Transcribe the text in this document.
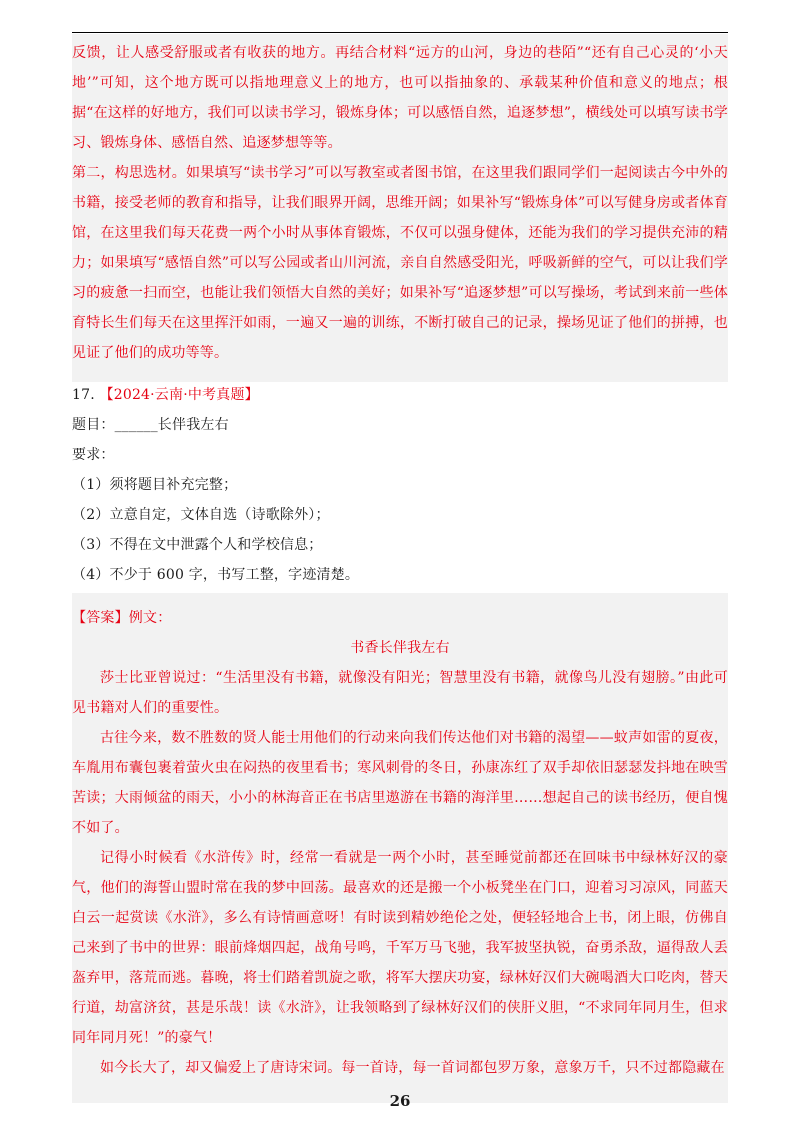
反馈，让人感受舒服或者有收获的地方。再结合材料“远方的山河，身边的巷陌”“还有自己心灵的‘小天地’”可知，这个地方既可以指地理意义上的地方，也可以指抽象的、承载某种价值和意义的地点；根据“在这样的好地方，我们可以读书学习，锻炼身体；可以感悟自然，追逐梦想”，横线处可以填写读书学习、锻炼身体、感悟自然、追逐梦想等等。

第二，构思选材。如果填写“读书学习”可以写教室或者图书馆，在这里我们跟同学们一起阅读古今中外的书籍，接受老师的教育和指导，让我们眼界开阔，思维开阔；如果补写“锻炼身体”可以写健身房或者体育馆，在这里我们每天花费一两个小时从事体育锻炼，不仅可以强身健体，还能为我们的学习提供充沛的精力；如果填写“感悟自然”可以写公园或者山川河流，亲自自然感受阳光，呼吸新鲜的空气，可以让我们学习的疲惫一扫而空，也能让我们领悟大自然的美好；如果补写“追逐梦想”可以写操场，考试到来前一些体育特长生们每天在这里挥汗如雨，一遍又一遍的训练，不断打破自己的记录，操场见证了他们的拼搏，也见证了他们的成功等等。

17. 【2024·云南·中考真题】

题目：______长伴我左右

要求：

（1）须将题目补充完整；

（2）立意自定，文体自选（诗歌除外）；

（3）不得在文中泄露个人和学校信息；

（4）不少于 600 字，书写工整，字迹清楚。

【答案】例文：

书香长伴我左右

莎士比亚曾说过：“生活里没有书籍，就像没有阳光；智慧里没有书籍，就像鸟儿没有翅膀。”由此可见书籍对人们的重要性。

古往今来，数不胜数的贤人能士用他们的行动来向我们传达他们对书籍的渴望——蚊声如雷的夏夜，车胤用布囊包裹着萤火虫在闷热的夜里看书；寒风刺骨的冬日，孙康冻红了双手却依旧瑟瑟发抖地在映雪苦读；大雨倾盆的雨天，小小的林海音正在书店里遨游在书籍的海洋里……想起自己的读书经历，便自愧不如了。

记得小时候看《水浒传》时，经常一看就是一两个小时，甚至睡觉前都还在回味书中绿林好汉的豪气，他们的海誓山盟时常在我的梦中回荡。最喜欢的还是搬一个小板凳坐在门口，迎着习习凉风，同蓝天白云一起赏读《水浒》，多么有诗情画意呀！有时读到精妙绝伦之处，便轻轻地合上书，闭上眼，仿佛自己来到了书中的世界：眼前烽烟四起，战角号鸣，千军万马飞驰，我军披坚执锐，奋勇杀敌，逼得敌人丢盔弃甲，落荒而逃。暮晚，将士们踏着凯旋之歌，将军大摆庆功宴，绿林好汉们大碗喝酒大口吃肉，替天行道，劫富济贫，甚是乐哉！读《水浒》，让我领略到了绿林好汉们的侠肝义胆，“不求同年同月生，但求同年同月死！”的豪气！

如今长大了，却又偏爱上了唐诗宋词。每一首诗，每一首词都包罗万象，意象万千，只不过都隐藏在

26
